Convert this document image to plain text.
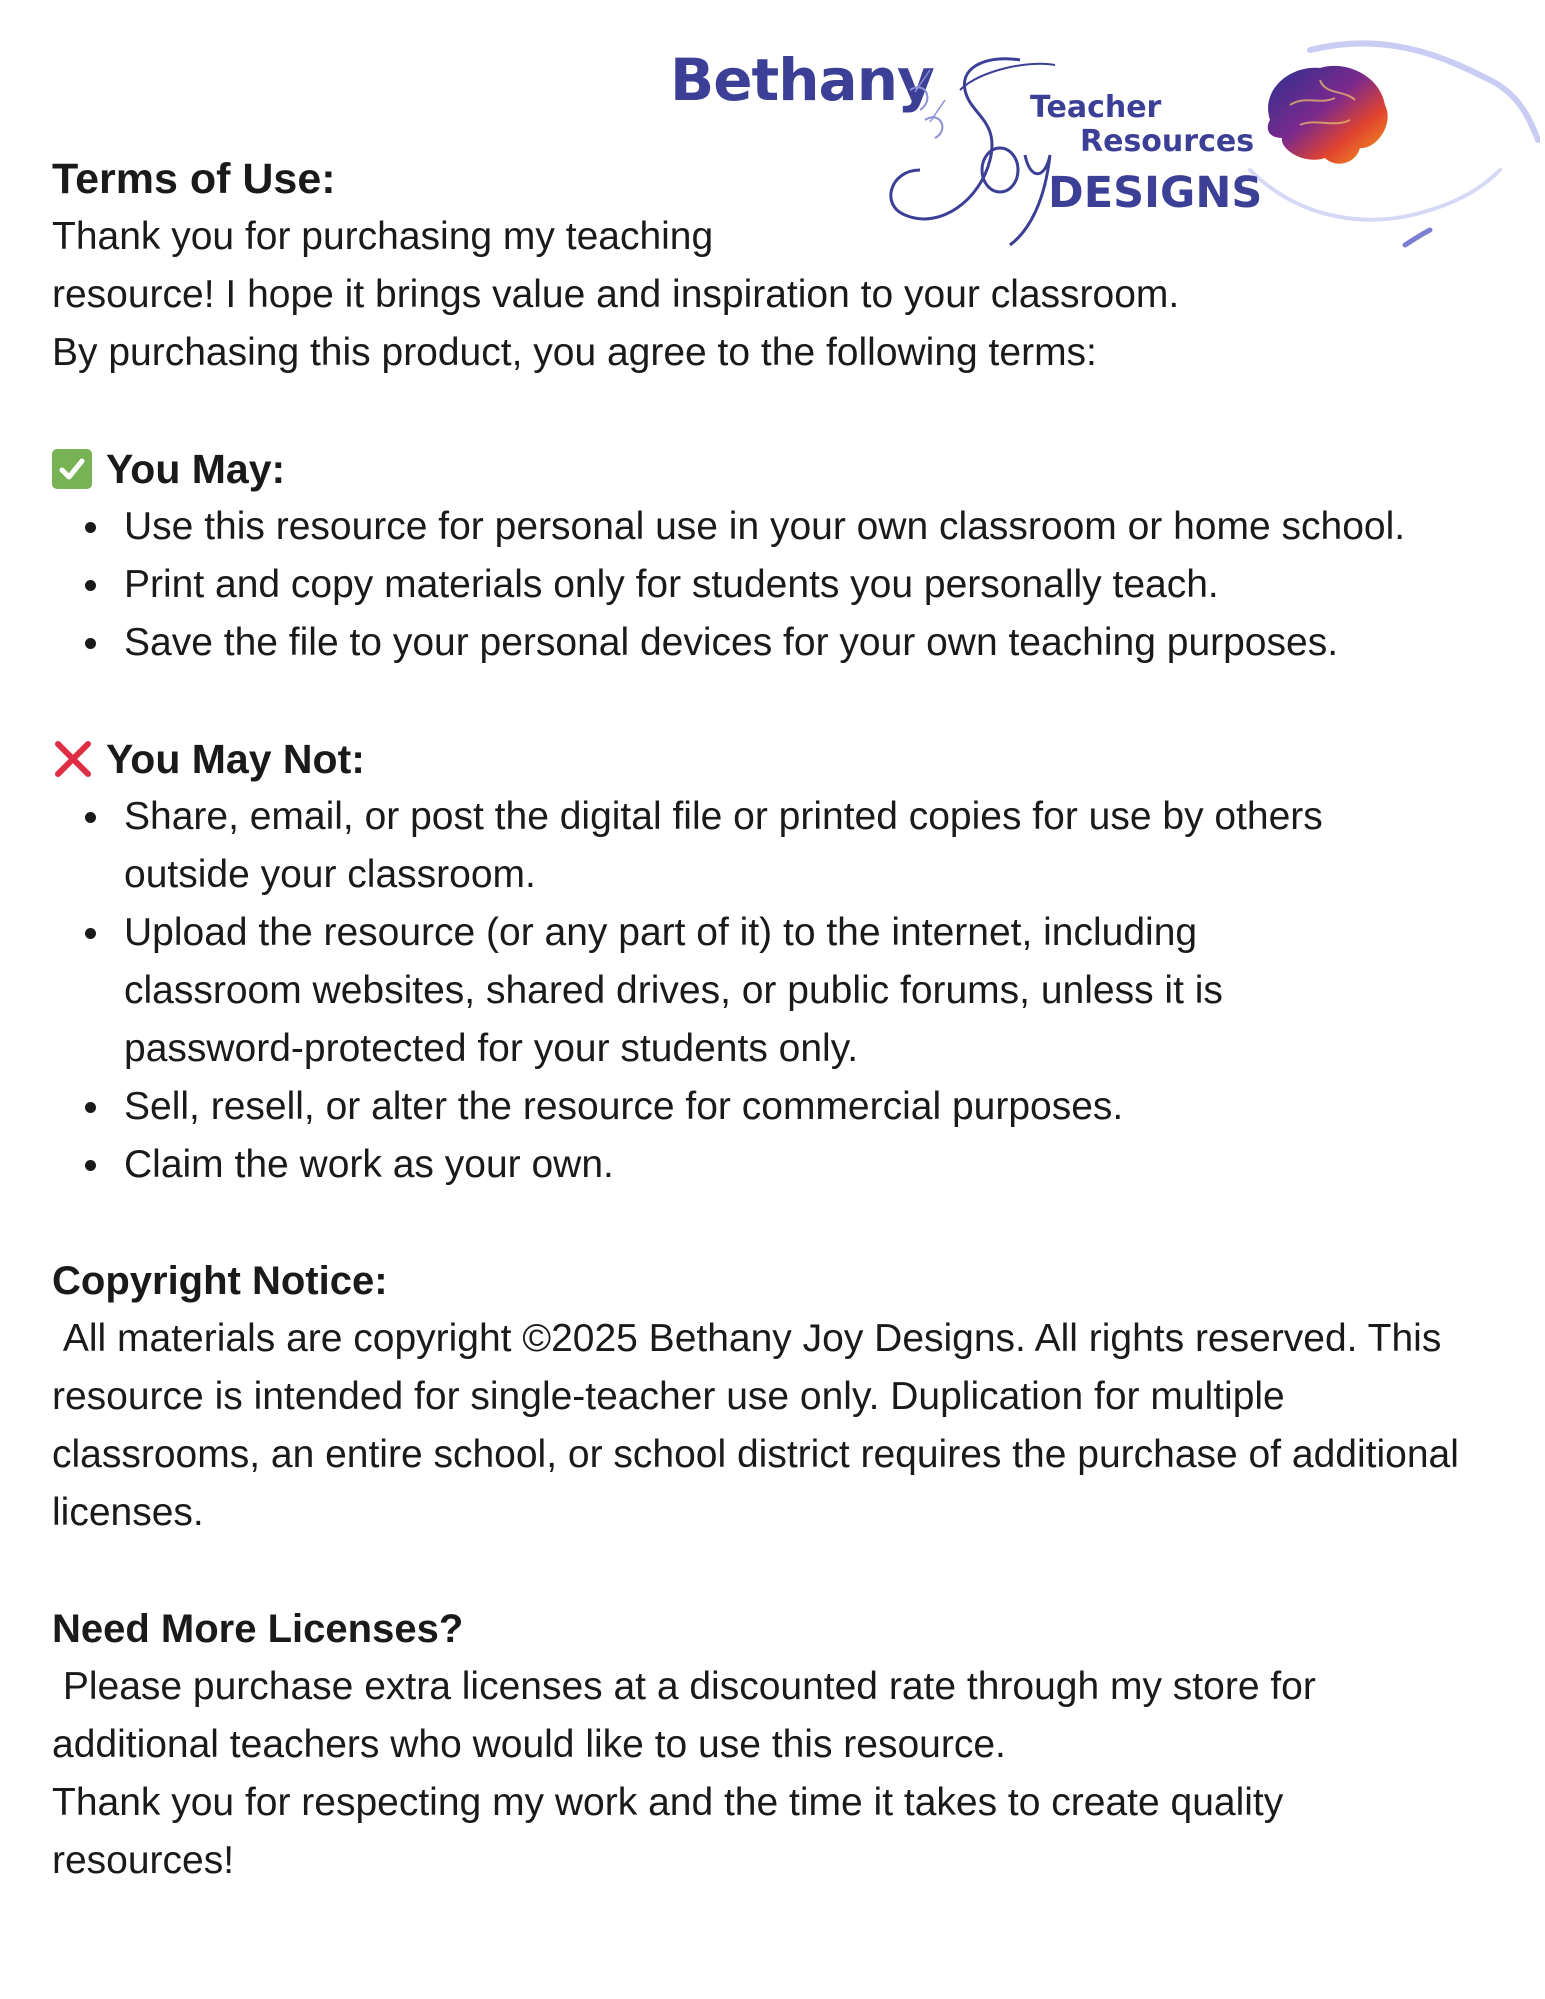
Bethany	Teacher
Resources
DESIGNS
Terms of Use:

Thank you for purchasing my teaching

resource! I hope it brings value and inspiration to your classroom.

By purchasing this product, you agree to the following terms:

You May:
Use this resource for personal use in your own classroom or home school.
Print and copy materials only for students you personally teach.
Save the file to your personal devices for your own teaching purposes.
You May Not:
Share, email, or post the digital file or printed copies for use by others outside your classroom.
Upload the resource (or any part of it) to the internet, including classroom websites, shared drives, or public forums, unless it is password-protected for your students only.
Sell, resell, or alter the resource for commercial purposes.
Claim the work as your own.

Copyright Notice:

All materials are copyright ©2025 Bethany Joy Designs. All rights reserved. This resource is intended for single-teacher use only. Duplication for multiple classrooms, an entire school, or school district requires the purchase of additional licenses.

Need More Licenses?

Please purchase extra licenses at a discounted rate through my store for additional teachers who would like to use this resource.

Thank you for respecting my work and the time it takes to create quality resources!
